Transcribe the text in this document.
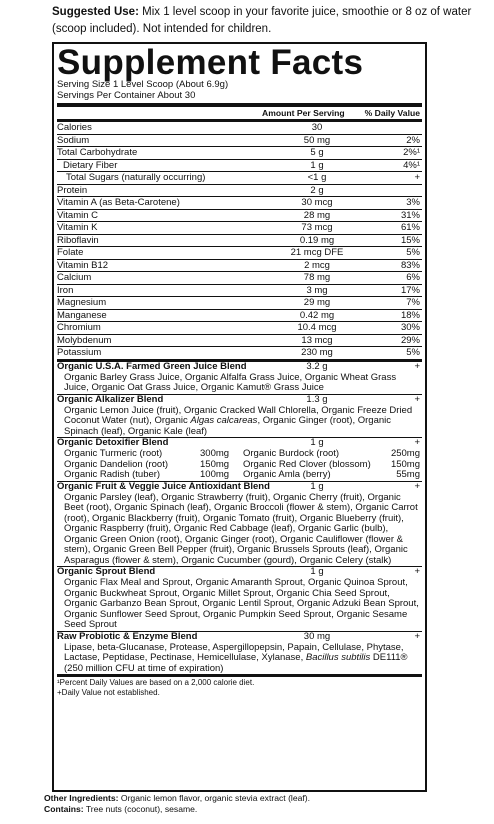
Suggested Use: Mix 1 level scoop in your favorite juice, smoothie or 8 oz of water (scoop included). Not intended for children.
Supplement Facts
Serving Size 1 Level Scoop (About 6.9g)
Servings Per Container About 30
Amount Per Serving % Daily Value
Calories	30
Sodium	50 mg	2%
Total Carbohydrate	5 g	2%¹
Dietary Fiber	1 g	4%¹
Total Sugars (naturally occurring)	<1 g	+
Protein	2 g
Vitamin A (as Beta-Carotene)	30 mcg	3%
Vitamin C	28 mg	31%
Vitamin K	73 mcg	61%
Riboflavin	0.19 mg	15%
Folate	21 mcg DFE	5%
Vitamin B12	2 mcg	83%
Calcium	78 mg	6%
Iron	3 mg	17%
Magnesium	29 mg	7%
Manganese	0.42 mg	18%
Chromium	10.4 mcg	30%
Molybdenum	13 mcg	29%
Potassium	230 mg	5%
Organic U.S.A. Farmed Green Juice Blend	3.2 g	+
Organic Barley Grass Juice, Organic Alfalfa Grass Juice, Organic Wheat Grass Juice, Organic Oat Grass Juice, Organic Kamut® Grass Juice
Organic Alkalizer Blend	1.3 g	+
Organic Lemon Juice (fruit), Organic Cracked Wall Chlorella, Organic Freeze Dried Coconut Water (nut), Organic Algas calcareas, Organic Ginger (root), Organic Spinach (leaf), Organic Kale (leaf)
Organic Detoxifier Blend	1 g	+
Organic Turmeric (root)	300mg Organic Burdock (root)	250mg
Organic Dandelion (root)	150mg Organic Red Clover (blossom) 150mg
Organic Radish (tuber)	100mg Organic Amla (berry)	55mg
Organic Fruit & Veggie Juice Antioxidant Blend	1 g	+
Organic Parsley (leaf), Organic Strawberry (fruit), Organic Cherry (fruit), Organic Beet (root), Organic Spinach (leaf), Organic Broccoli (flower & stem), Organic Carrot (root), Organic Blackberry (fruit), Organic Tomato (fruit), Organic Blueberry (fruit), Organic Raspberry (fruit), Organic Red Cabbage (leaf), Organic Garlic (bulb), Organic Green Onion (root), Organic Ginger (root), Organic Cauliflower (flower & stem), Organic Green Bell Pepper (fruit), Organic Brussels Sprouts (leaf), Organic Asparagus (flower & stem), Organic Cucumber (gourd), Organic Celery (stalk)
Organic Sprout Blend	1 g	+
Organic Flax Meal and Sprout, Organic Amaranth Sprout, Organic Quinoa Sprout, Organic Buckwheat Sprout, Organic Millet Sprout, Organic Chia Seed Sprout, Organic Garbanzo Bean Sprout, Organic Lentil Sprout, Organic Adzuki Bean Sprout, Organic Sunflower Seed Sprout, Organic Pumpkin Seed Sprout, Organic Sesame Seed Sprout
Raw Probiotic & Enzyme Blend	30 mg	+
Lipase, beta-Glucanase, Protease, Aspergillopepsin, Papain, Cellulase, Phytase, Lactase, Peptidase, Pectinase, Hemicellulase, Xylanase, Bacillus subtilis DE111® (250 million CFU at time of expiration)
¹Percent Daily Values are based on a 2,000 calorie diet.
+Daily Value not established.
Other Ingredients: Organic lemon flavor, organic stevia extract (leaf).
Contains: Tree nuts (coconut), sesame.
